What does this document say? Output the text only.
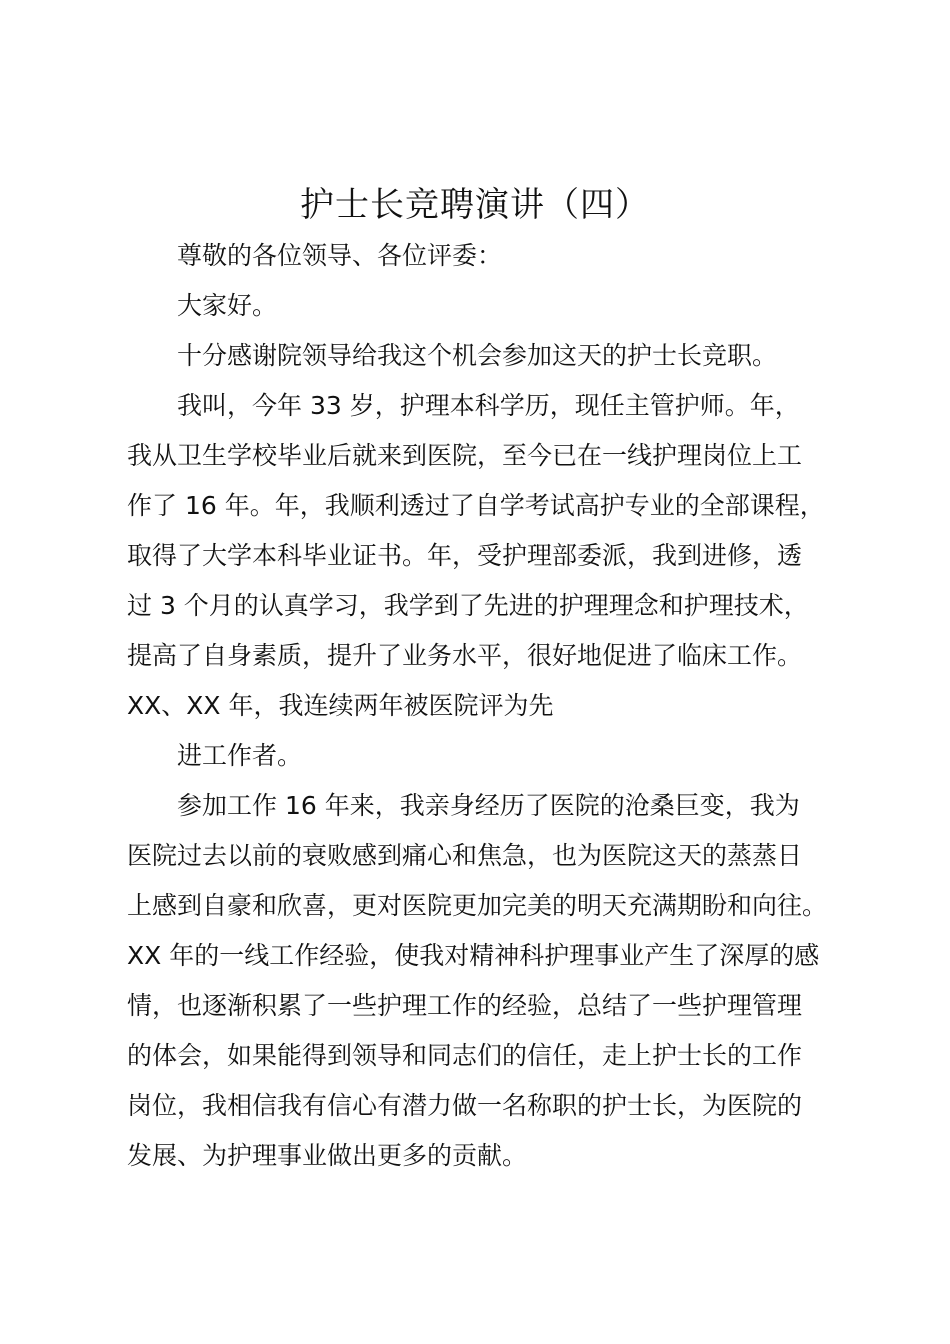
护士长竞聘演讲（四）
尊敬的各位领导、各位评委：
大家好。
十分感谢院领导给我这个机会参加这天的护士长竞职。
我叫，今年 33 岁，护理本科学历，现任主管护师。年，
我从卫生学校毕业后就来到医院，至今已在一线护理岗位上工
作了 16 年。年，我顺利透过了自学考试高护专业的全部课程，
取得了大学本科毕业证书。年，受护理部委派，我到进修，透
过 3 个月的认真学习，我学到了先进的护理理念和护理技术，
提高了自身素质，提升了业务水平，很好地促进了临床工作。
XX、XX 年，我连续两年被医院评为先
进工作者。
参加工作 16 年来，我亲身经历了医院的沧桑巨变，我为
医院过去以前的衰败感到痛心和焦急，也为医院这天的蒸蒸日
上感到自豪和欣喜，更对医院更加完美的明天充满期盼和向往。
XX 年的一线工作经验，使我对精神科护理事业产生了深厚的感
情，也逐渐积累了一些护理工作的经验，总结了一些护理管理
的体会，如果能得到领导和同志们的信任，走上护士长的工作
岗位，我相信我有信心有潜力做一名称职的护士长，为医院的
发展、为护理事业做出更多的贡献。
